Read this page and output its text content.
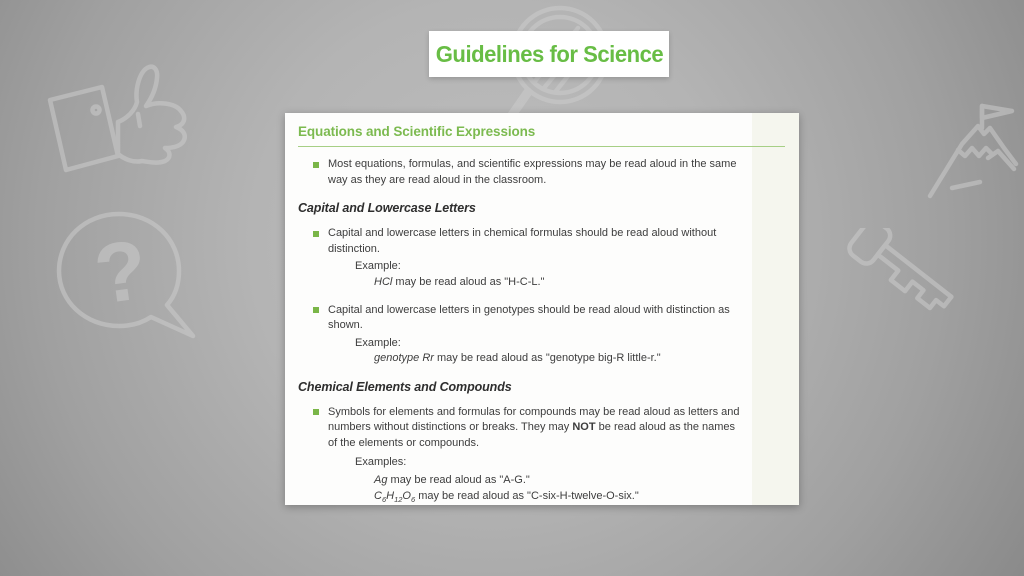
?
Guidelines for Science
Equations and Scientific Expressions
Most equations, formulas, and scientific expressions may be read aloud in the same way as they are read aloud in the classroom.
Capital and Lowercase Letters
Capital and lowercase letters in chemical formulas should be read aloud without distinction.
Example:
HCl may be read aloud as "H-C-L."
Capital and lowercase letters in genotypes should be read aloud with distinction as shown.
Example:
genotype Rr may be read aloud as "genotype big-R little-r."
Chemical Elements and Compounds
Symbols for elements and formulas for compounds may be read aloud as letters and numbers without distinctions or breaks. They may NOT be read aloud as the names of the elements or compounds.
Examples:
Ag may be read aloud as "A-G."
$C_6H_{12}O_6$ may be read aloud as "C-six-H-twelve-O-six."
